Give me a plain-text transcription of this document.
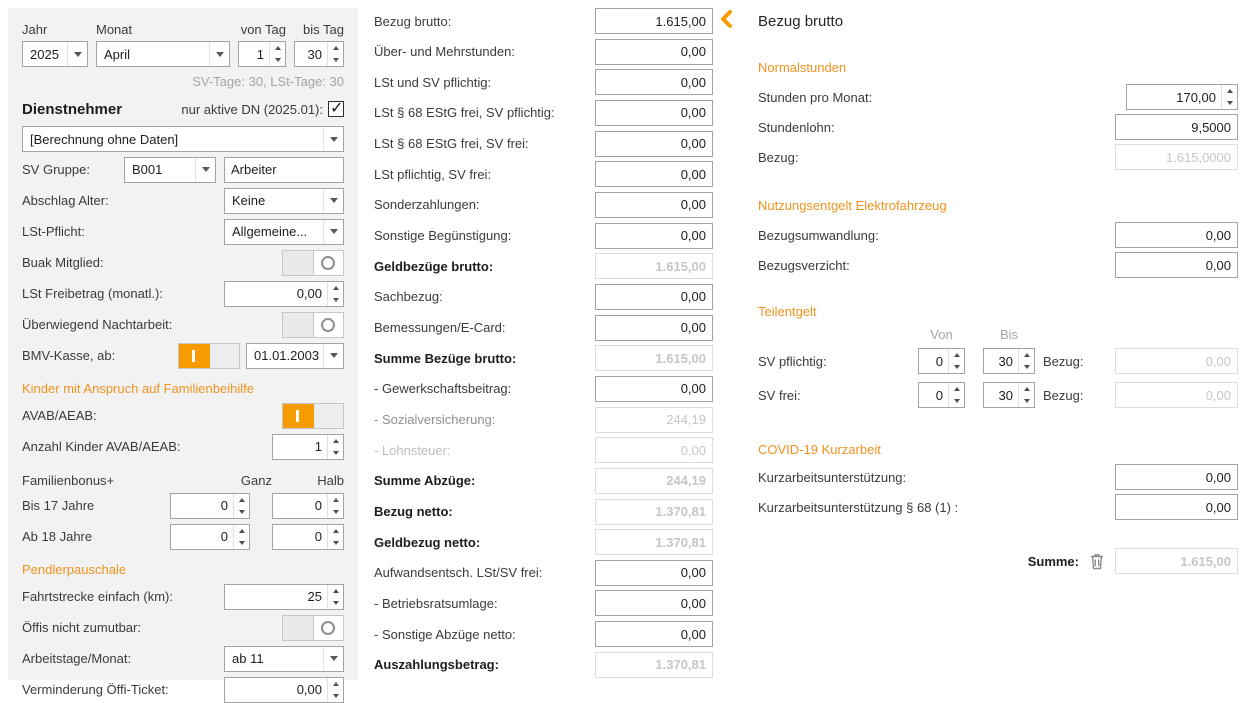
Jahr	Monat	von Tag	bis Tag
2025	April	1	30
SV-Tage: 30, LSt-Tage: 30
Dienstnehmer	nur aktive DN (2025.01):
✓
[Berechnung ohne Daten]
SV Gruppe:	B001	Arbeiter
Abschlag Alter:	Keine
LSt-Pflicht:	Allgemeine...
Buak Mitglied:
LSt Freibetrag (monatl.):	0,00
Überwiegend Nachtarbeit:
BMV-Kasse, ab:	01.01.2003
Kinder mit Anspruch auf Familienbeihilfe
AVAB/AEAB:
Anzahl Kinder AVAB/AEAB:	1
Familienbonus+	Ganz	Halb
Bis 17 Jahre	0	0
Ab 18 Jahre	0	0
Pendlerpauschale
Fahrtstrecke einfach (km):	25
Öffis nicht zumutbar:
Arbeitstage/Monat:	ab 11
Verminderung Öffi-Ticket:	0,00
Bezug brutto:	1.615,00
Über- und Mehrstunden:	0,00
LSt und SV pflichtig:	0,00
LSt § 68 EStG frei, SV pflichtig:	0,00
LSt § 68 EStG frei, SV frei:	0,00
LSt pflichtig, SV frei:	0,00
Sonderzahlungen:	0,00
Sonstige Begünstigung:	0,00
Geldbezüge brutto:	1.615,00
Sachbezug:	0,00
Bemessungen/E-Card:	0,00
Summe Bezüge brutto:	1.615,00
- Gewerkschaftsbeitrag:	0,00
- Sozialversicherung:	244,19
- Lohnsteuer:	0,00
Summe Abzüge:	244,19
Bezug netto:	1.370,81
Geldbezug netto:	1.370,81
Aufwandsentsch. LSt/SV frei:	0,00
- Betriebsratsumlage:	0,00
- Sonstige Abzüge netto:	0,00
Auszahlungsbetrag:	1.370,81
Bezug brutto
Normalstunden
Stunden pro Monat:	170,00
Stundenlohn:	9,5000
Bezug:	1.615,0000
Nutzungsentgelt Elektrofahrzeug
Bezugsumwandlung:	0,00
Bezugsverzicht:	0,00
Teilentgelt
Von	Bis
SV pflichtig:	0	30	Bezug:	0,00
SV frei:	0	30	Bezug:	0,00
COVID-19 Kurzarbeit
Kurzarbeitsunterstützung:	0,00
Kurzarbeitsunterstützung § 68 (1) :	0,00
Summe:	1.615,00
